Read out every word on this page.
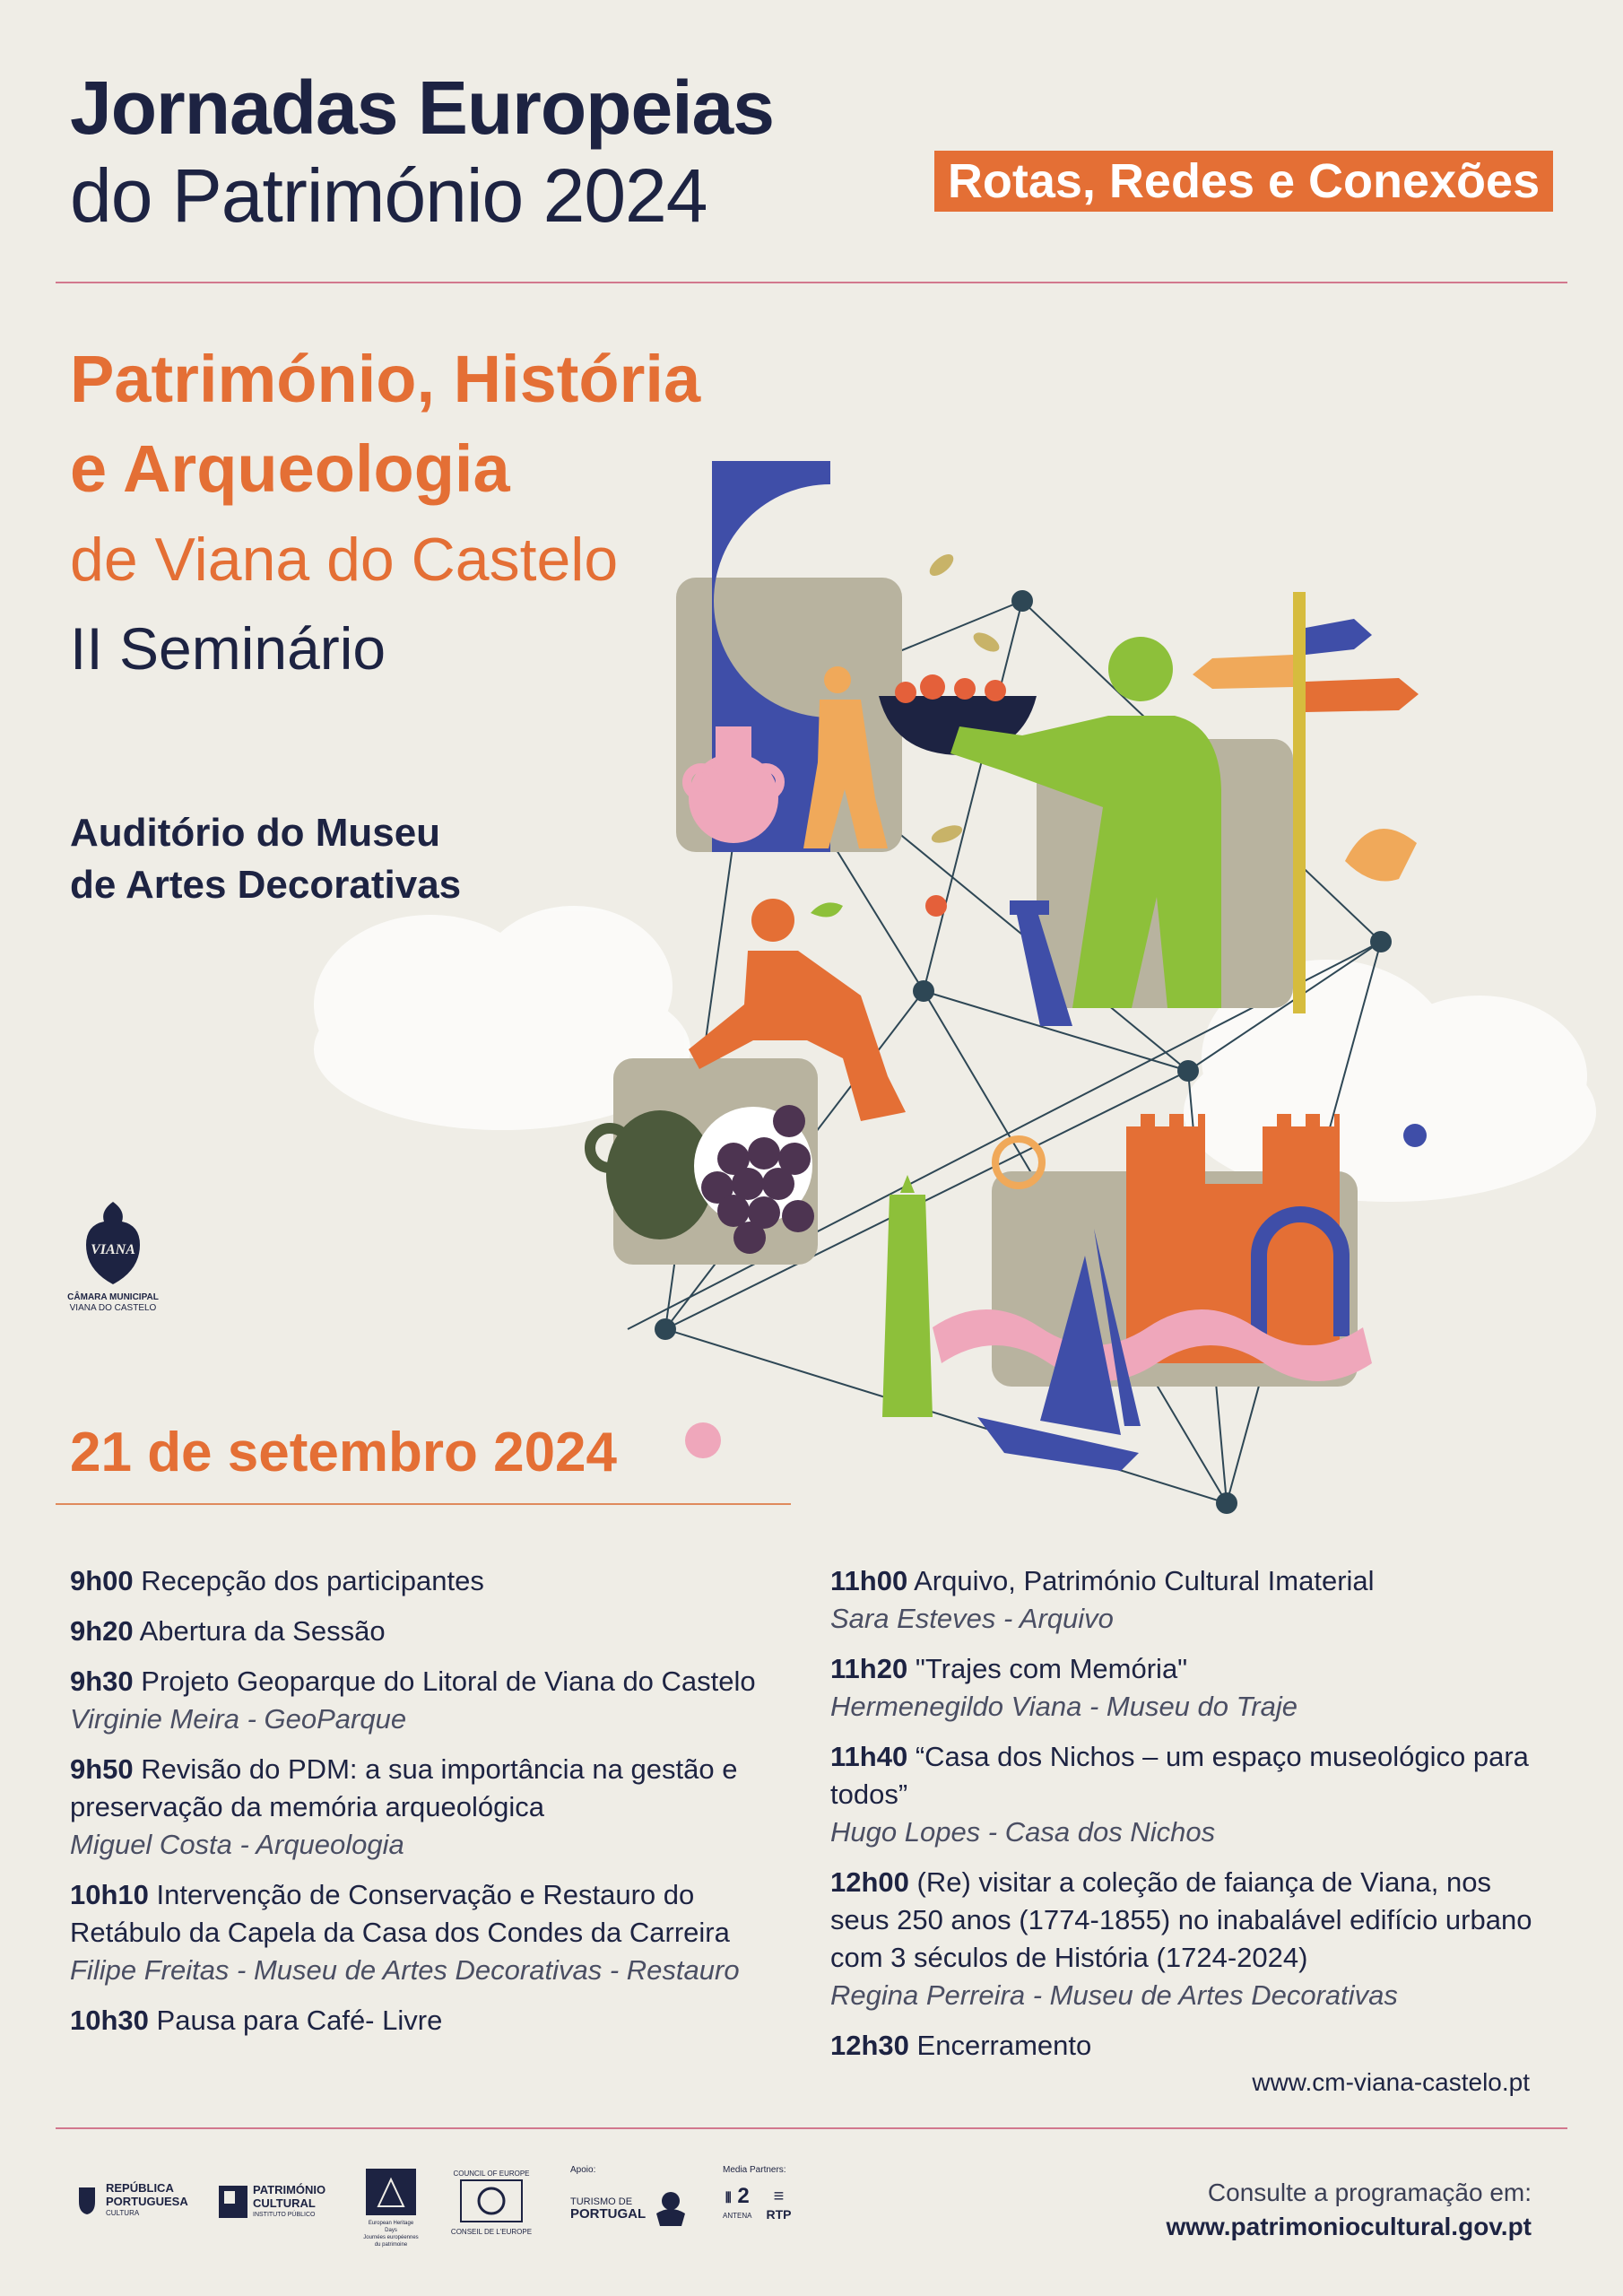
Jornadas Europeias
do Património 2024	Rotas, Redes e Conexões
Património, História
e Arqueologia
de Viana do Castelo
II Seminário
Auditório do Museu
de Artes Decorativas
VIANA
CÂMARA MUNICIPAL
VIANA DO CASTELO
21 de setembro 2024
9h00 Recepção dos participantes
9h20 Abertura da Sessão
9h30 Projeto Geoparque do Litoral de Viana do Castelo
Virginie Meira - GeoParque
9h50 Revisão do PDM: a sua importância na gestão e preservação da memória arqueológica
Miguel Costa - Arqueologia
10h10 Intervenção de Conservação e Restauro do Retábulo da Capela da Casa dos Condes da Carreira
Filipe Freitas - Museu de Artes Decorativas - Restauro
10h30 Pausa para Café- Livre
11h00 Arquivo, Património Cultural Imaterial
Sara Esteves - Arquivo
11h20 "Trajes com Memória"
Hermenegildo Viana - Museu do Traje
11h40 “Casa dos Nichos – um espaço museológico para todos”
Hugo Lopes - Casa dos Nichos
12h00 (Re) visitar a coleção de faiança de Viana, nos seus 250 anos (1774-1855) no inabalável edifício urbano com 3 séculos de História (1724-2024)
Regina Perreira - Museu de Artes Decorativas
12h30 Encerramento
www.cm-viana-castelo.pt
REPÚBLICA
PORTUGUESA
CULTURA
PATRIMÓNIO
CULTURAL
INSTITUTO PÚBLICO
European Heritage Days
Journées européennes
du patrimoine
COUNCIL OF EUROPE
CONSEIL DE L'EUROPE
Apoio:
TURISMO DE
PORTUGAL
Media Partners:
⦀ 2
ANTENA
≡
RTP
Consulte a programação em:
www.patrimoniocultural.gov.pt
